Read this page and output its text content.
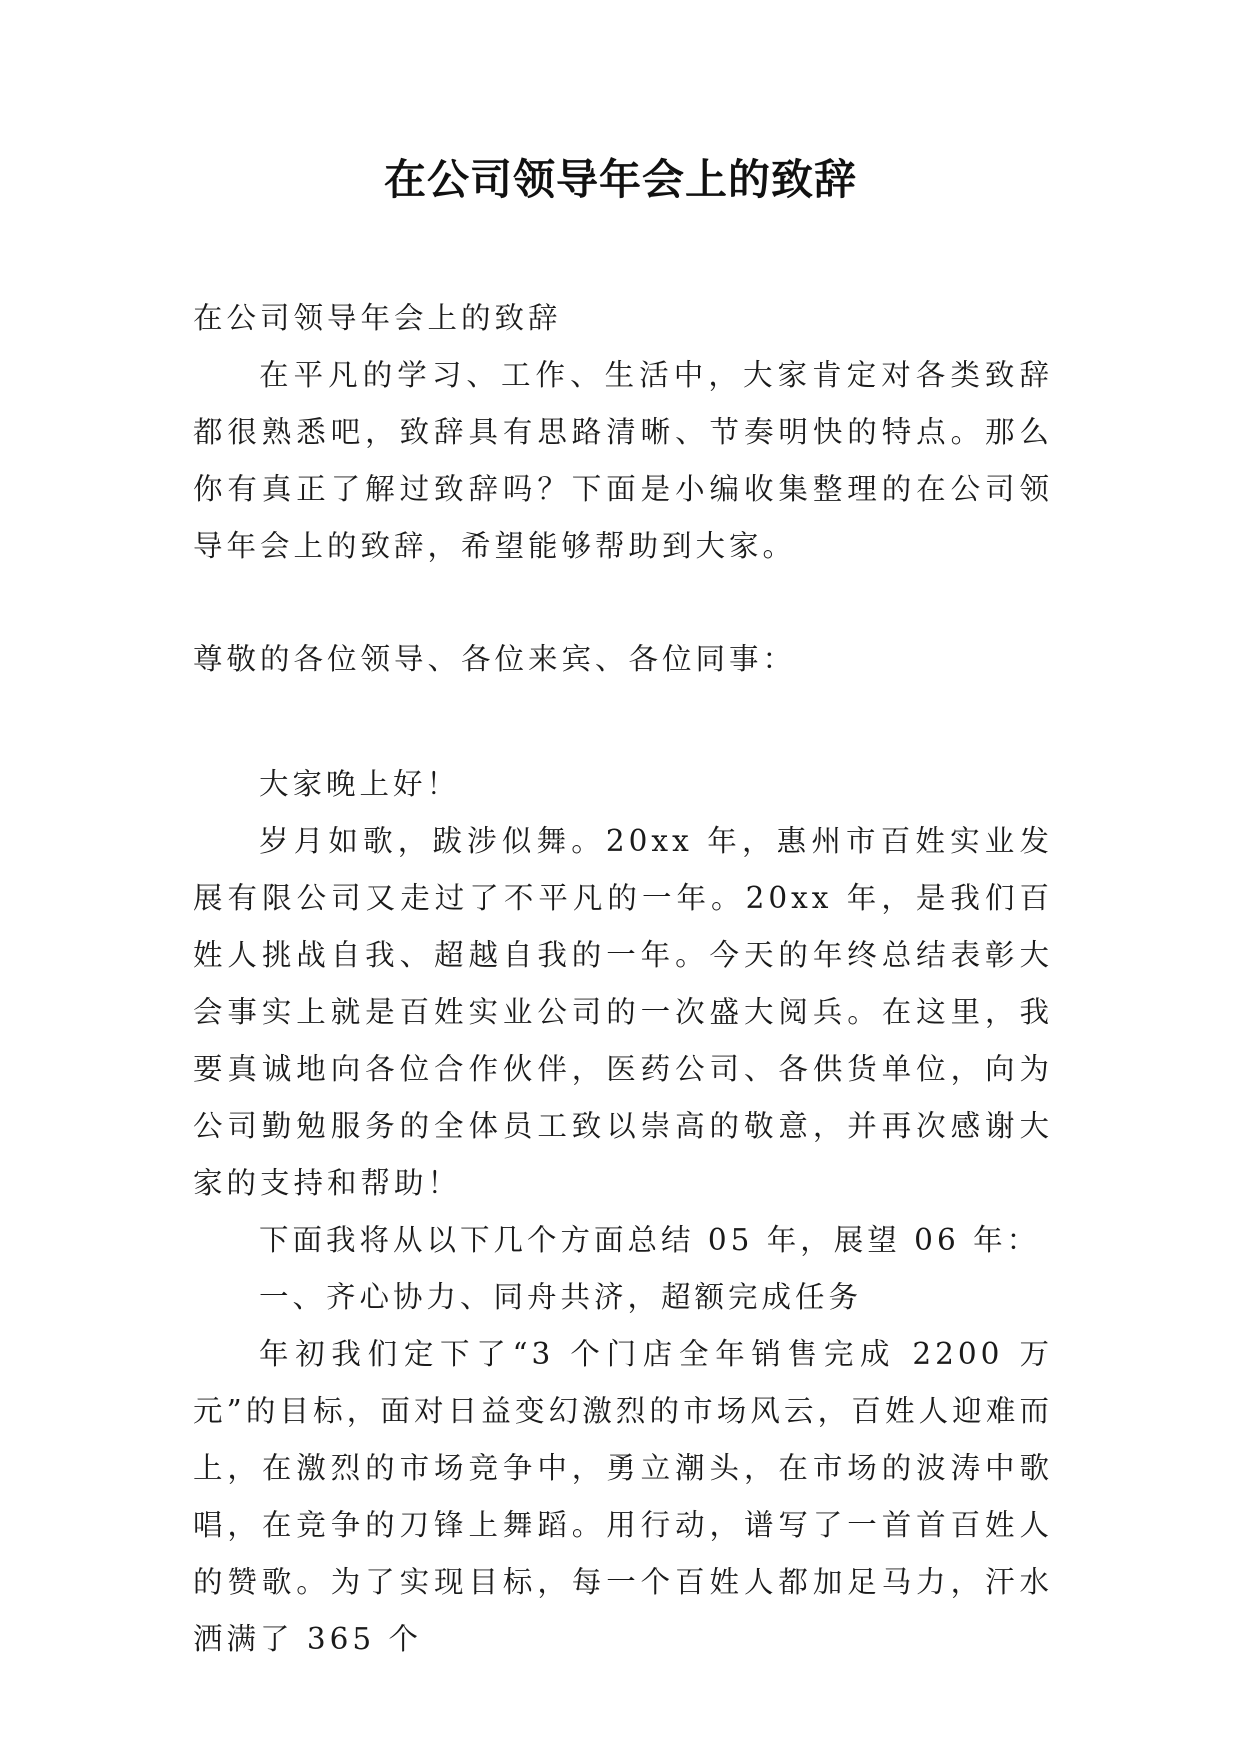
在公司领导年会上的致辞

在公司领导年会上的致辞

在平凡的学习、工作、生活中，大家肯定对各类致辞都很熟悉吧，致辞具有思路清晰、节奏明快的特点。那么你有真正了解过致辞吗？下面是小编收集整理的在公司领导年会上的致辞，希望能够帮助到大家。

尊敬的各位领导、各位来宾、各位同事：

大家晚上好！

岁月如歌，跋涉似舞。20xx 年，惠州市百姓实业发展有限公司又走过了不平凡的一年。20xx 年，是我们百姓人挑战自我、超越自我的一年。今天的年终总结表彰大会事实上就是百姓实业公司的一次盛大阅兵。在这里，我要真诚地向各位合作伙伴，医药公司、各供货单位，向为公司勤勉服务的全体员工致以崇高的敬意，并再次感谢大家的支持和帮助！

下面我将从以下几个方面总结 05 年，展望 06 年：

一、齐心协力、同舟共济，超额完成任务

年初我们定下了“3 个门店全年销售完成 2200 万元”的目标，面对日益变幻激烈的市场风云，百姓人迎难而上，在激烈的市场竞争中，勇立潮头，在市场的波涛中歌唱，在竞争的刀锋上舞蹈。用行动，谱写了一首首百姓人的赞歌。为了实现目标，每一个百姓人都加足马力，汗水洒满了 365 个
